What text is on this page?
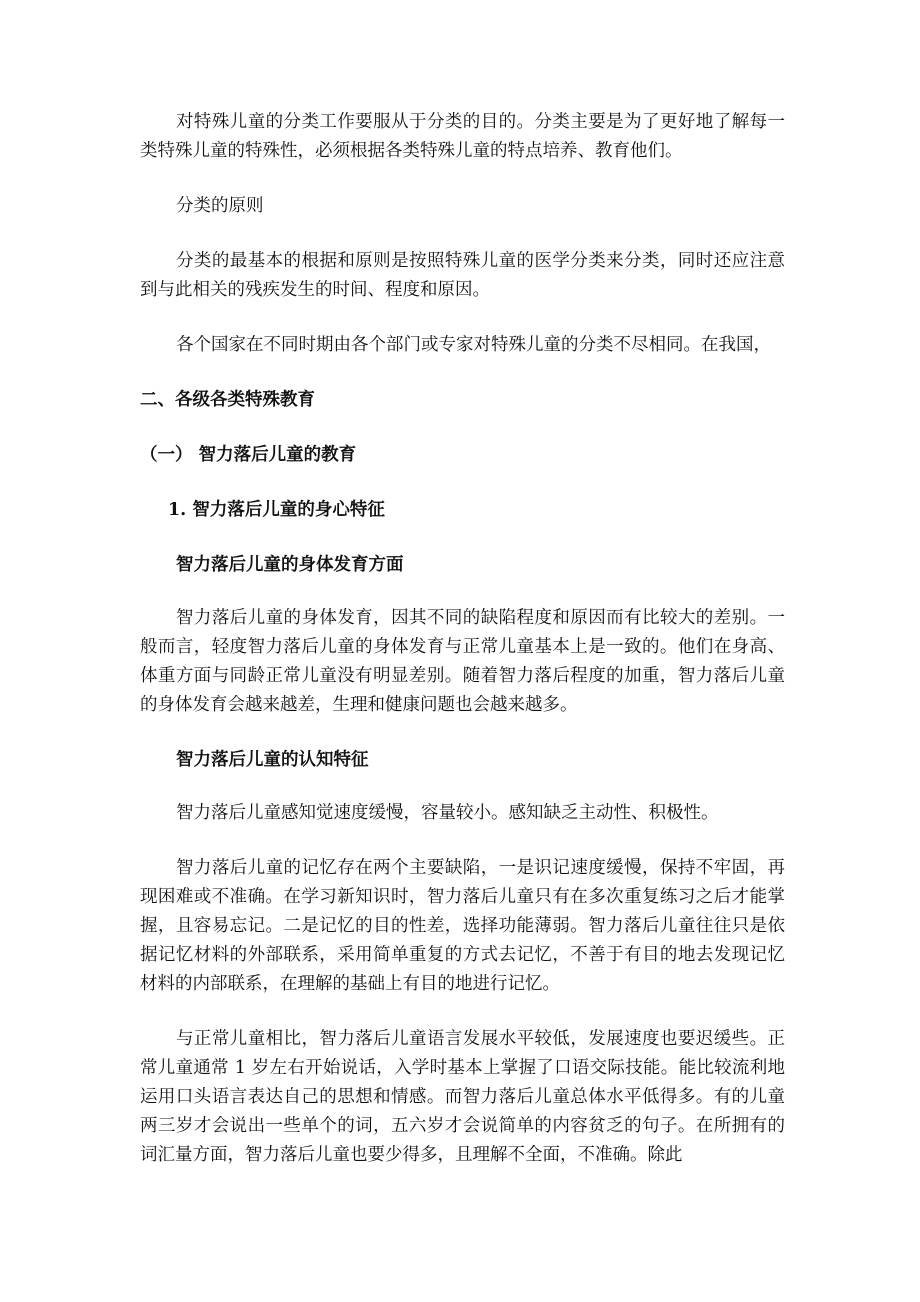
对特殊儿童的分类工作要服从于分类的目的。分类主要是为了更好地了解每一类特殊儿童的特殊性，必须根据各类特殊儿童的特点培养、教育他们。

分类的原则

分类的最基本的根据和原则是按照特殊儿童的医学分类来分类，同时还应注意到与此相关的残疾发生的时间、程度和原因。

各个国家在不同时期由各个部门或专家对特殊儿童的分类不尽相同。在我国，

二、各级各类特殊教育

（一） 智力落后儿童的教育

1. 智力落后儿童的身心特征

智力落后儿童的身体发育方面

智力落后儿童的身体发育，因其不同的缺陷程度和原因而有比较大的差别。一般而言，轻度智力落后儿童的身体发育与正常儿童基本上是一致的。他们在身高、体重方面与同龄正常儿童没有明显差别。随着智力落后程度的加重，智力落后儿童的身体发育会越来越差，生理和健康问题也会越来越多。

智力落后儿童的认知特征

智力落后儿童感知觉速度缓慢，容量较小。感知缺乏主动性、积极性。

智力落后儿童的记忆存在两个主要缺陷，一是识记速度缓慢，保持不牢固，再现困难或不准确。在学习新知识时，智力落后儿童只有在多次重复练习之后才能掌握，且容易忘记。二是记忆的目的性差，选择功能薄弱。智力落后儿童往往只是依据记忆材料的外部联系，采用简单重复的方式去记忆，不善于有目的地去发现记忆材料的内部联系，在理解的基础上有目的地进行记忆。

与正常儿童相比，智力落后儿童语言发展水平较低，发展速度也要迟缓些。正常儿童通常 1 岁左右开始说话，入学时基本上掌握了口语交际技能。能比较流利地运用口头语言表达自己的思想和情感。而智力落后儿童总体水平低得多。有的儿童两三岁才会说出一些单个的词，五六岁才会说简单的内容贫乏的句子。在所拥有的词汇量方面，智力落后儿童也要少得多，且理解不全面，不准确。除此
